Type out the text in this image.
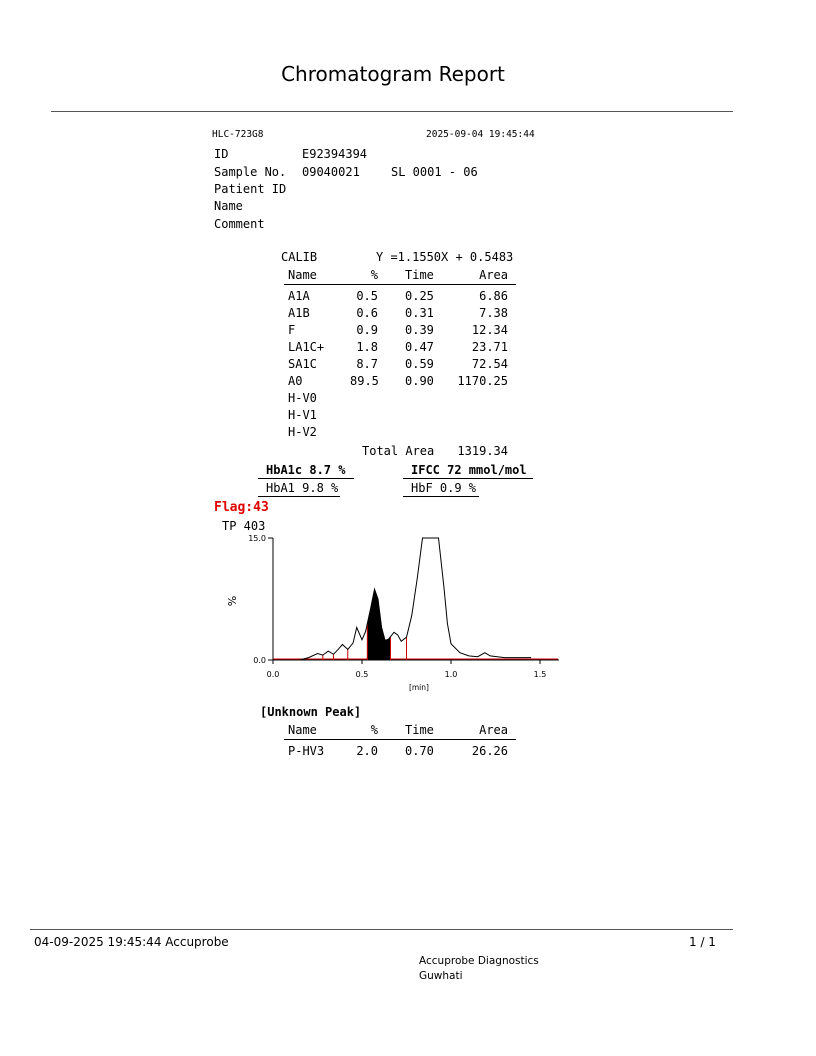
Chromatogram Report
HLC-723G8	2025-09-04 19:45:44
ID	E92394394
Sample No. 09040021	SL 0001 - 06
Patient ID
Name
Comment
CALIB	Y =1.1550X + 0.5483
Name	% Time	Area
A1A	0.5 0.25	6.86
A1B	0.6 0.31	7.38
F	0.9 0.39	12.34
LA1C+	1.8 0.47	23.71
SA1C	8.7 0.59	72.54
A0	89.5 0.90 1170.25
H-V0
H-V1
H-V2
Total Area 1319.34
HbA1c 8.7 %	IFCC 72 mmol/mol
HbA1 9.8 %	HbF 0.9 %
Flag:43
TP 403
0.0
15.0
0.0	0.5	1.0	1.5
[min]
%
[Unknown Peak]
Name	% Time	Area
P-HV3	2.0 0.70	26.26
04-09-2025 19:45:44 Accuprobe	1 / 1
Accuprobe Diagnostics
Guwhati
